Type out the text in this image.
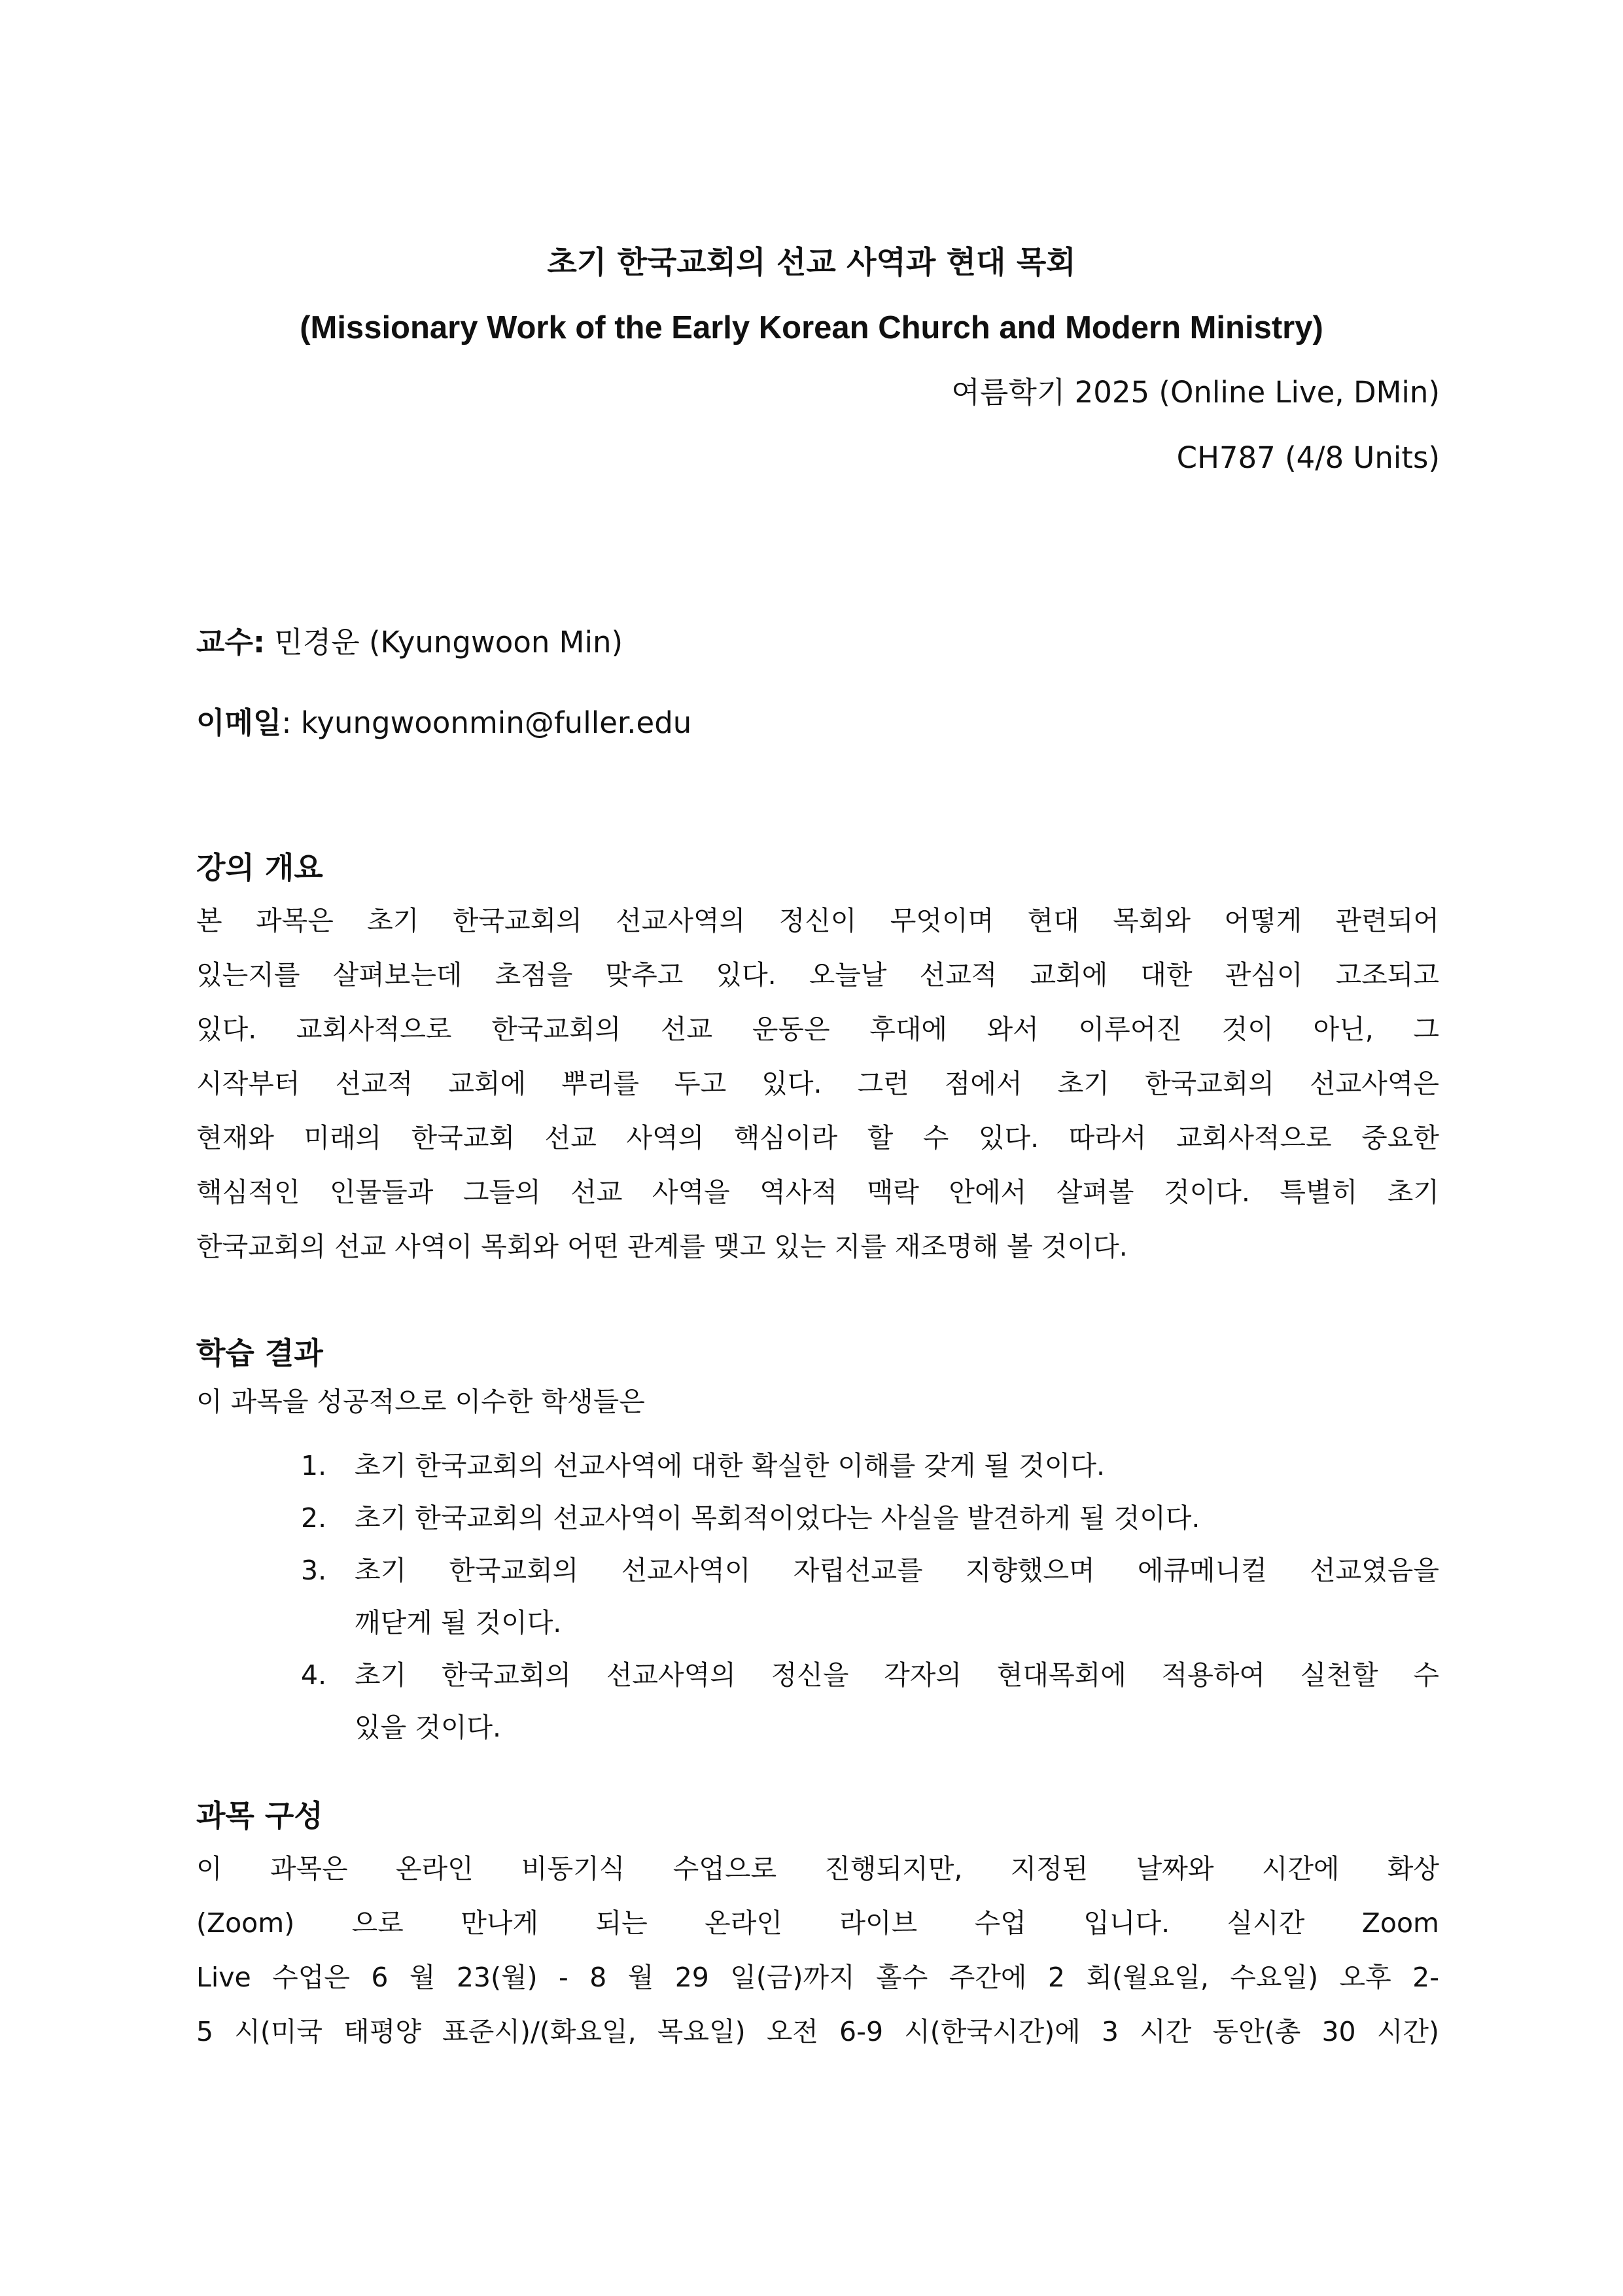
초기 한국교회의 선교 사역과 현대 목회
(Missionary Work of the Early Korean Church and Modern Ministry)
여름학기 2025 (Online Live, DMin)
CH787 (4/8 Units)
교수: 민경운 (Kyungwoon Min)
이메일: kyungwoonmin@fuller.edu
강의 개요
본 과목은 초기 한국교회의 선교사역의 정신이 무엇이며 현대 목회와 어떻게 관련되어
있는지를 살펴보는데 초점을 맞추고 있다. 오늘날 선교적 교회에 대한 관심이 고조되고
있다. 교회사적으로 한국교회의 선교 운동은 후대에 와서 이루어진 것이 아닌, 그
시작부터 선교적 교회에 뿌리를 두고 있다. 그런 점에서 초기 한국교회의 선교사역은
현재와 미래의 한국교회 선교 사역의 핵심이라 할 수 있다. 따라서 교회사적으로 중요한
핵심적인 인물들과 그들의 선교 사역을 역사적 맥락 안에서 살펴볼 것이다. 특별히 초기
한국교회의 선교 사역이 목회와 어떤 관계를 맺고 있는 지를 재조명해 볼 것이다.
학습 결과
이 과목을 성공적으로 이수한 학생들은
1. 초기 한국교회의 선교사역에 대한 확실한 이해를 갖게 될 것이다.
2. 초기 한국교회의 선교사역이 목회적이었다는 사실을 발견하게 될 것이다.
3. 초기 한국교회의 선교사역이 자립선교를 지향했으며 에큐메니컬 선교였음을
깨닫게 될 것이다.
4. 초기 한국교회의 선교사역의 정신을 각자의 현대목회에 적용하여 실천할 수
있을 것이다.
과목 구성
이 과목은 온라인 비동기식 수업으로 진행되지만, 지정된 날짜와 시간에 화상
(Zoom) 으로 만나게 되는 온라인 라이브 수업 입니다. 실시간 Zoom
Live 수업은 6 월 23(월) - 8 월 29 일(금)까지 홀수 주간에 2 회(월요일, 수요일) 오후 2-
5 시(미국 태평양 표준시)/(화요일, 목요일) 오전 6-9 시(한국시간)에 3 시간 동안(총 30 시간)
